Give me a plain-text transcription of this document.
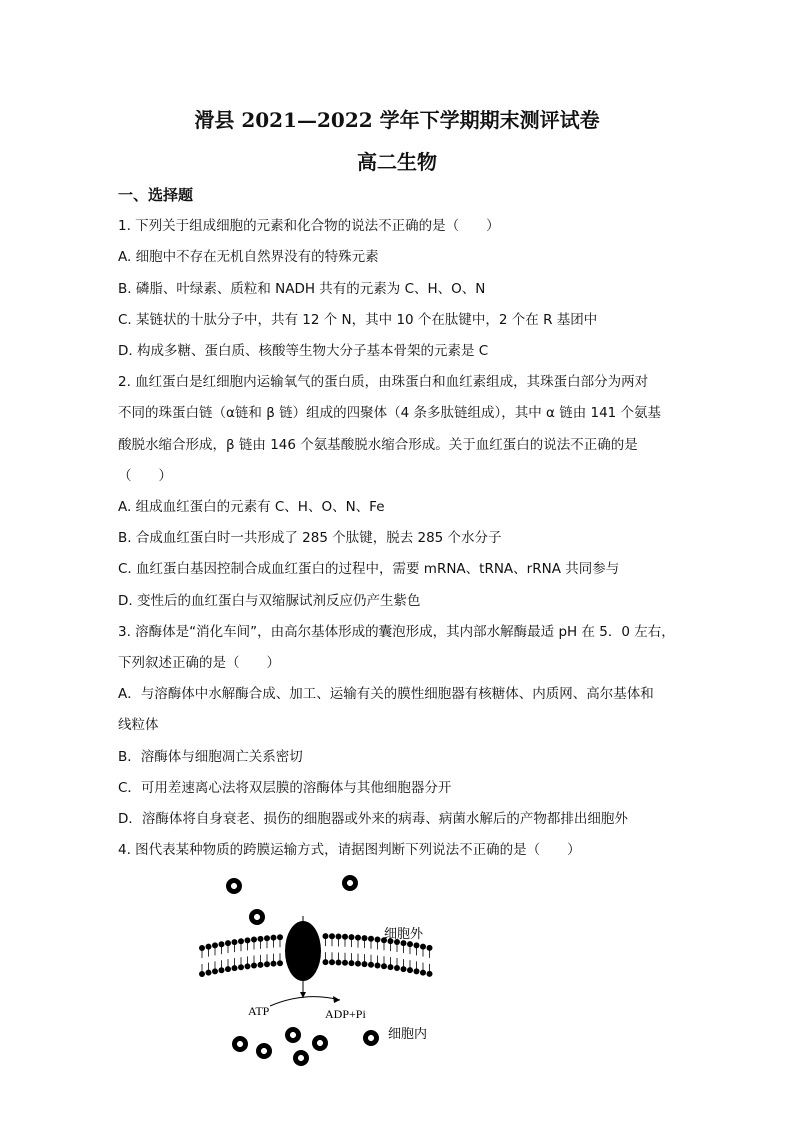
滑县 2021—2022 学年下学期期末测评试卷
高二生物
一、选择题
1. 下列关于组成细胞的元素和化合物的说法不正确的是（　　）
A. 细胞中不存在无机自然界没有的特殊元素
B. 磷脂、叶绿素、质粒和 NADH 共有的元素为 C、H、O、N
C. 某链状的十肽分子中，共有 12 个 N，其中 10 个在肽键中，2 个在 R 基团中
D. 构成多糖、蛋白质、核酸等生物大分子基本骨架的元素是 C
2. 血红蛋白是红细胞内运输氧气的蛋白质，由珠蛋白和血红素组成，其珠蛋白部分为两对
不同的珠蛋白链（α链和 β 链）组成的四聚体（4 条多肽链组成），其中 α 链由 141 个氨基
酸脱水缩合形成，β 链由 146 个氨基酸脱水缩合形成。关于血红蛋白的说法不正确的是
（　　）
A. 组成血红蛋白的元素有 C、H、O、N、Fe
B. 合成血红蛋白时一共形成了 285 个肽键，脱去 285 个水分子
C. 血红蛋白基因控制合成血红蛋白的过程中，需要 mRNA、tRNA、rRNA 共同参与
D. 变性后的血红蛋白与双缩脲试剂反应仍产生紫色
3. 溶酶体是“消化车间”，由高尔基体形成的囊泡形成，其内部水解酶最适 pH 在 5．0 左右，
下列叙述正确的是（　　）
A．与溶酶体中水解酶合成、加工、运输有关的膜性细胞器有核糖体、内质网、高尔基体和
线粒体
B．溶酶体与细胞凋亡关系密切
C．可用差速离心法将双层膜的溶酶体与其他细胞器分开
D．溶酶体将自身衰老、损伤的细胞器或外来的病毒、病菌水解后的产物都排出细胞外
4. 图代表某种物质的跨膜运输方式，请据图判断下列说法不正确的是（　　）
ATP	ADP+Pi
细胞外
细胞内
